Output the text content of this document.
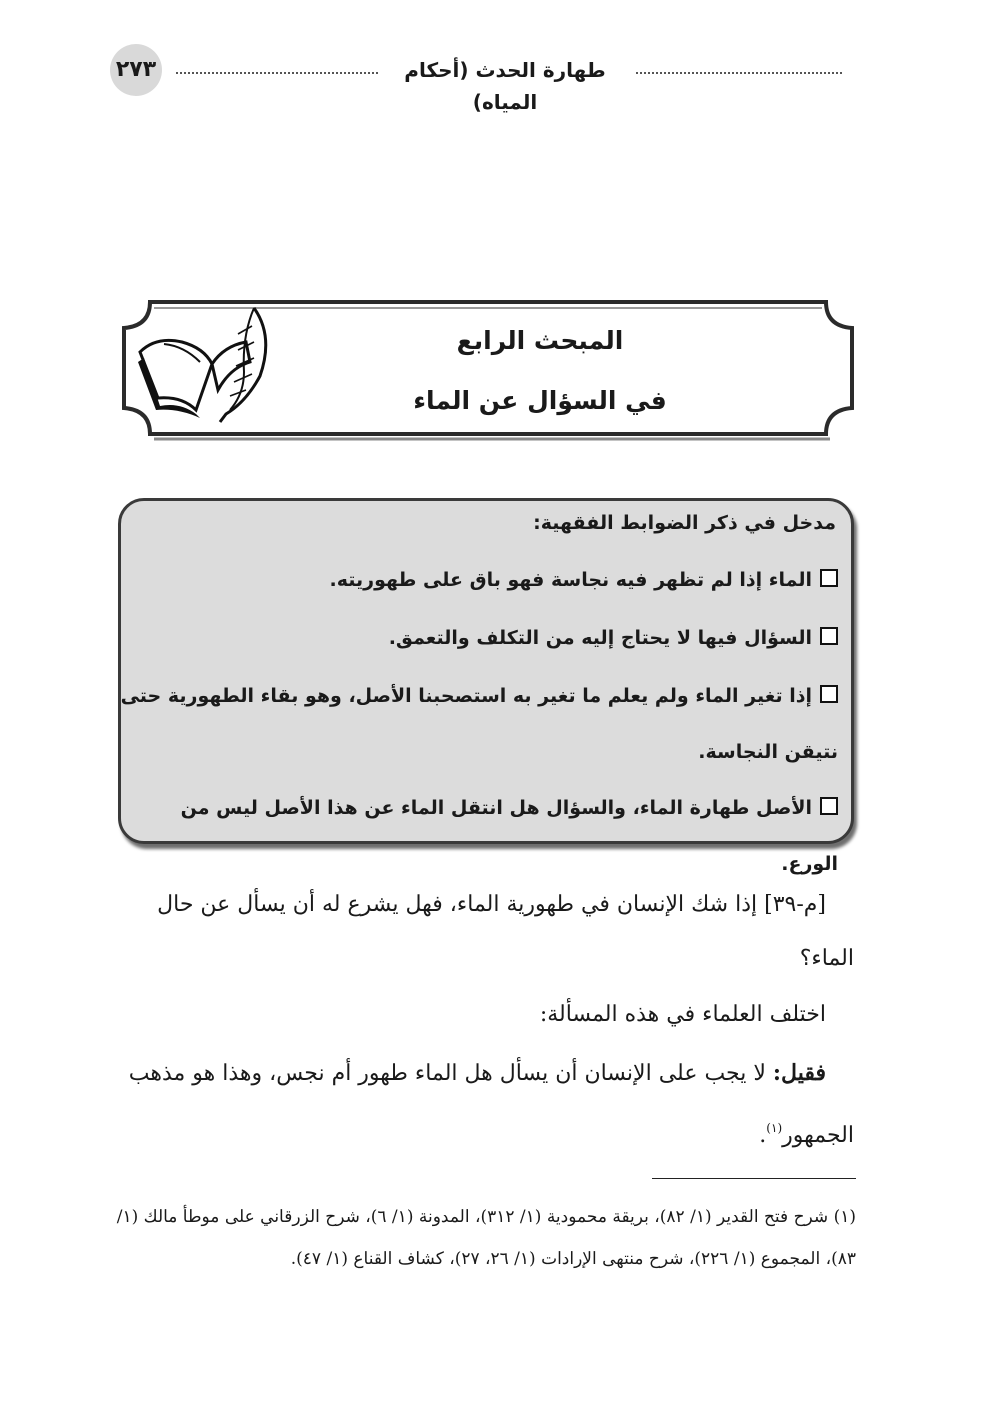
٢٧٣	طهارة الحدث (أحكام المياه)
المبحث الرابع
في السؤال عن الماء
مدخل في ذكر الضوابط الفقهية:
الماء إذا لم تظهر فيه نجاسة فهو باق على طهوريته.
السؤال فيها لا يحتاج إليه من التكلف والتعمق.
إذا تغير الماء ولم يعلم ما تغير به استصحبنا الأصل، وهو بقاء الطهورية حتى نتيقن النجاسة.
الأصل طهارة الماء، والسؤال هل انتقل الماء عن هذا الأصل ليس من الورع.
[م-٣٩] إذا شك الإنسان في طهورية الماء، فهل يشرع له أن يسأل عن حال الماء؟
اختلف العلماء في هذه المسألة:
فقيل: لا يجب على الإنسان أن يسأل هل الماء طهور أم نجس، وهذا هو مذهب الجمهور$^{(١)}$.
(١) شرح فتح القدير (١/ ٨٢)، بريقة محمودية (١/ ٣١٢)، المدونة (١/ ٦)، شرح الزرقاني على موطأ مالك (١/ ٨٣)، المجموع (١/ ٢٢٦)، شرح منتهى الإرادات (١/ ٢٦، ٢٧)، كشاف القناع (١/ ٤٧).
